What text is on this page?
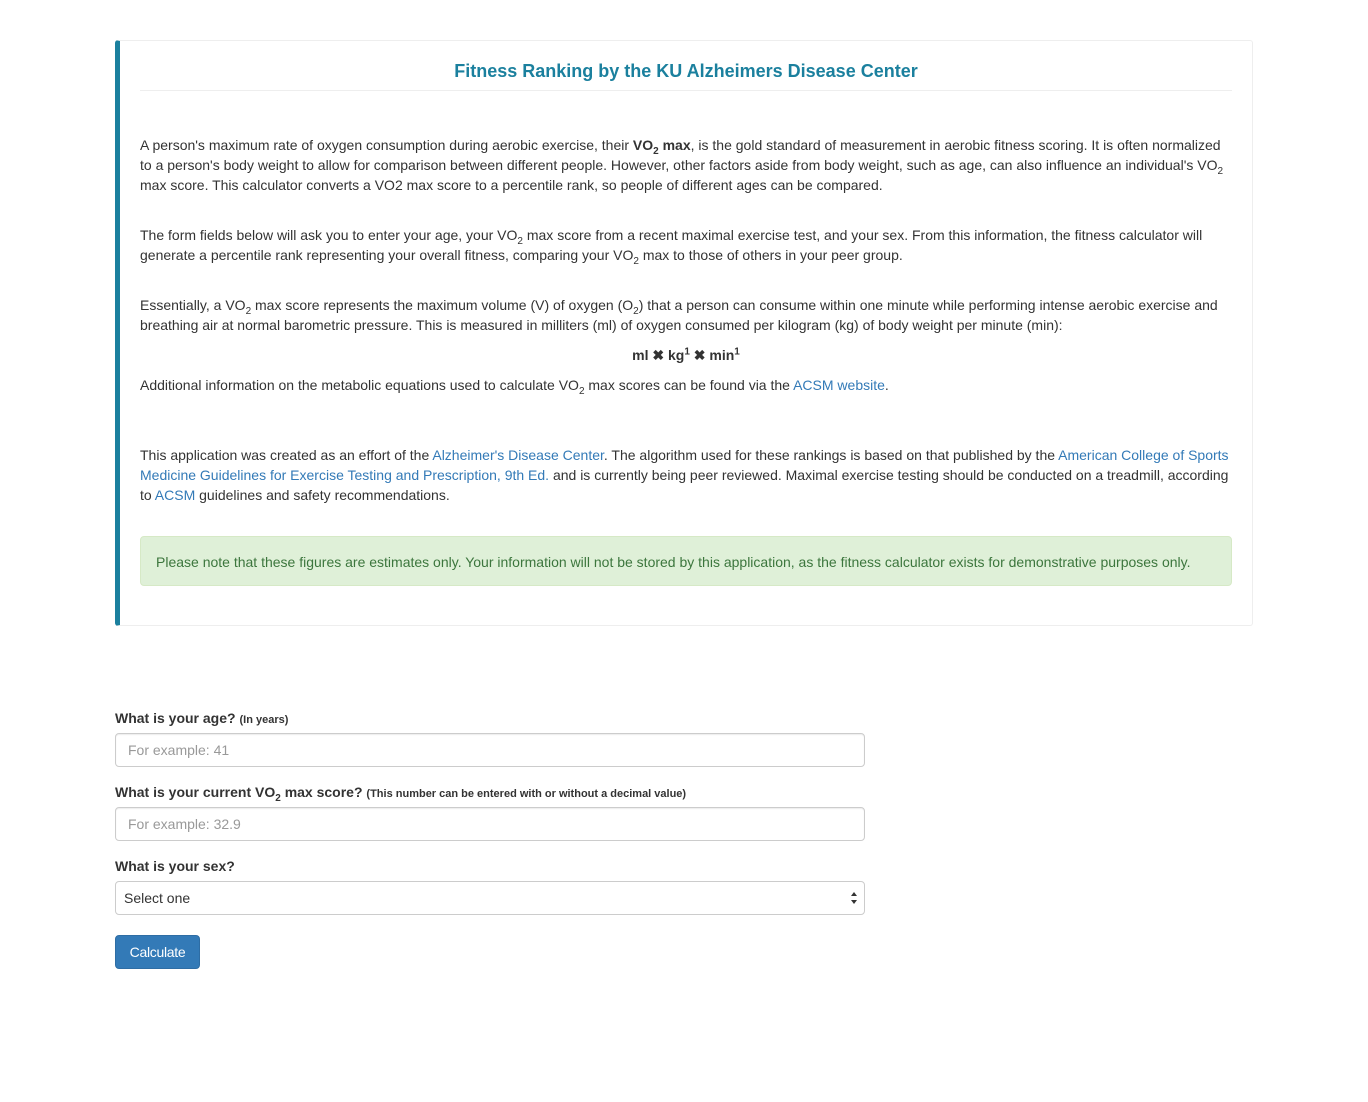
Fitness Ranking by the KU Alzheimers Disease Center

A person's maximum rate of oxygen consumption during aerobic exercise, their $VO_2$ max, is the gold standard of measurement in aerobic fitness scoring. It is often normalized to a person's body weight to allow for comparison between different people. However, other factors aside from body weight, such as age, can also influence an individual's $VO_2$ max score. This calculator converts a VO2 max score to a percentile rank, so people of different ages can be compared.

The form fields below will ask you to enter your age, your $VO_2$ max score from a recent maximal exercise test, and your sex. From this information, the fitness calculator will generate a percentile rank representing your overall fitness, comparing your $VO_2$ max to those of others in your peer group.

Essentially, a $VO_2$ max score represents the maximum volume (V) of oxygen $(O_2)$ that a person can consume within one minute while performing intense aerobic exercise and breathing air at normal barometric pressure. This is measured in milliters (ml) of oxygen consumed per kilogram (kg) of body weight per minute (min):

ml ✖ $kg^1$ ✖ $\min^1$

Additional information on the metabolic equations used to calculate $VO_2$ max scores can be found via the ACSM website.

This application was created as an effort of the Alzheimer's Disease Center. The algorithm used for these rankings is based on that published by the American College of Sports Medicine Guidelines for Exercise Testing and Prescription, 9th Ed. and is currently being peer reviewed. Maximal exercise testing should be conducted on a treadmill, according to ACSM guidelines and safety recommendations.

Please note that these figures are estimates only. Your information will not be stored by this application, as the fitness calculator exists for demonstrative purposes only.

What is your age? (In years)

For example: 41

What is your current $VO_2$ max score? (This number can be entered with or without a decimal value)

For example: 32.9

What is your sex?

Select one
Calculate
